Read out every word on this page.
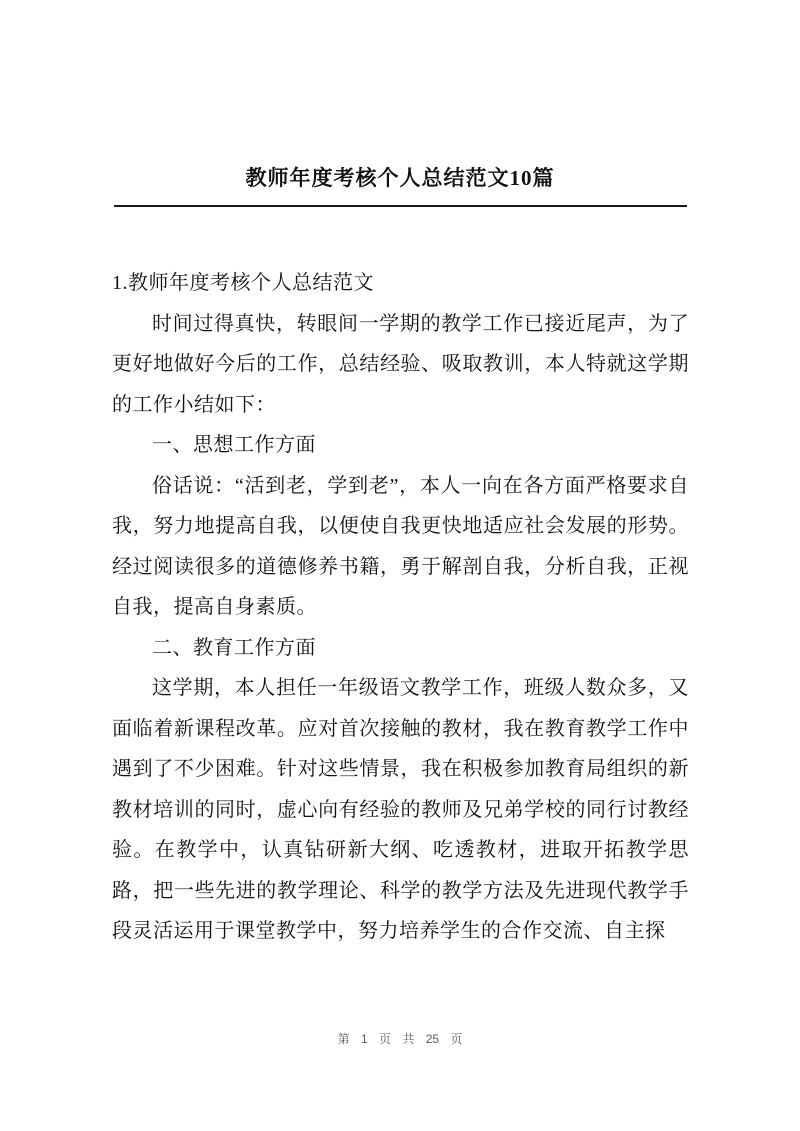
教师年度考核个人总结范文10篇

1.教师年度考核个人总结范文

时间过得真快，转眼间一学期的教学工作已接近尾声，为了更好地做好今后的工作，总结经验、吸取教训，本人特就这学期的工作小结如下：

一、思想工作方面

俗话说：“活到老，学到老”，本人一向在各方面严格要求自我，努力地提高自我，以便使自我更快地适应社会发展的形势。经过阅读很多的道德修养书籍，勇于解剖自我，分析自我，正视自我，提高自身素质。

二、教育工作方面

这学期，本人担任一年级语文教学工作，班级人数众多，又面临着新课程改革。应对首次接触的教材，我在教育教学工作中遇到了不少困难。针对这些情景，我在积极参加教育局组织的新教材培训的同时，虚心向有经验的教师及兄弟学校的同行讨教经验。在教学中，认真钻研新大纲、吃透教材，进取开拓教学思路，把一些先进的教学理论、科学的教学方法及先进现代教学手段灵活运用于课堂教学中，努力培养学生的合作交流、自主探

第 1 页 共 25 页
